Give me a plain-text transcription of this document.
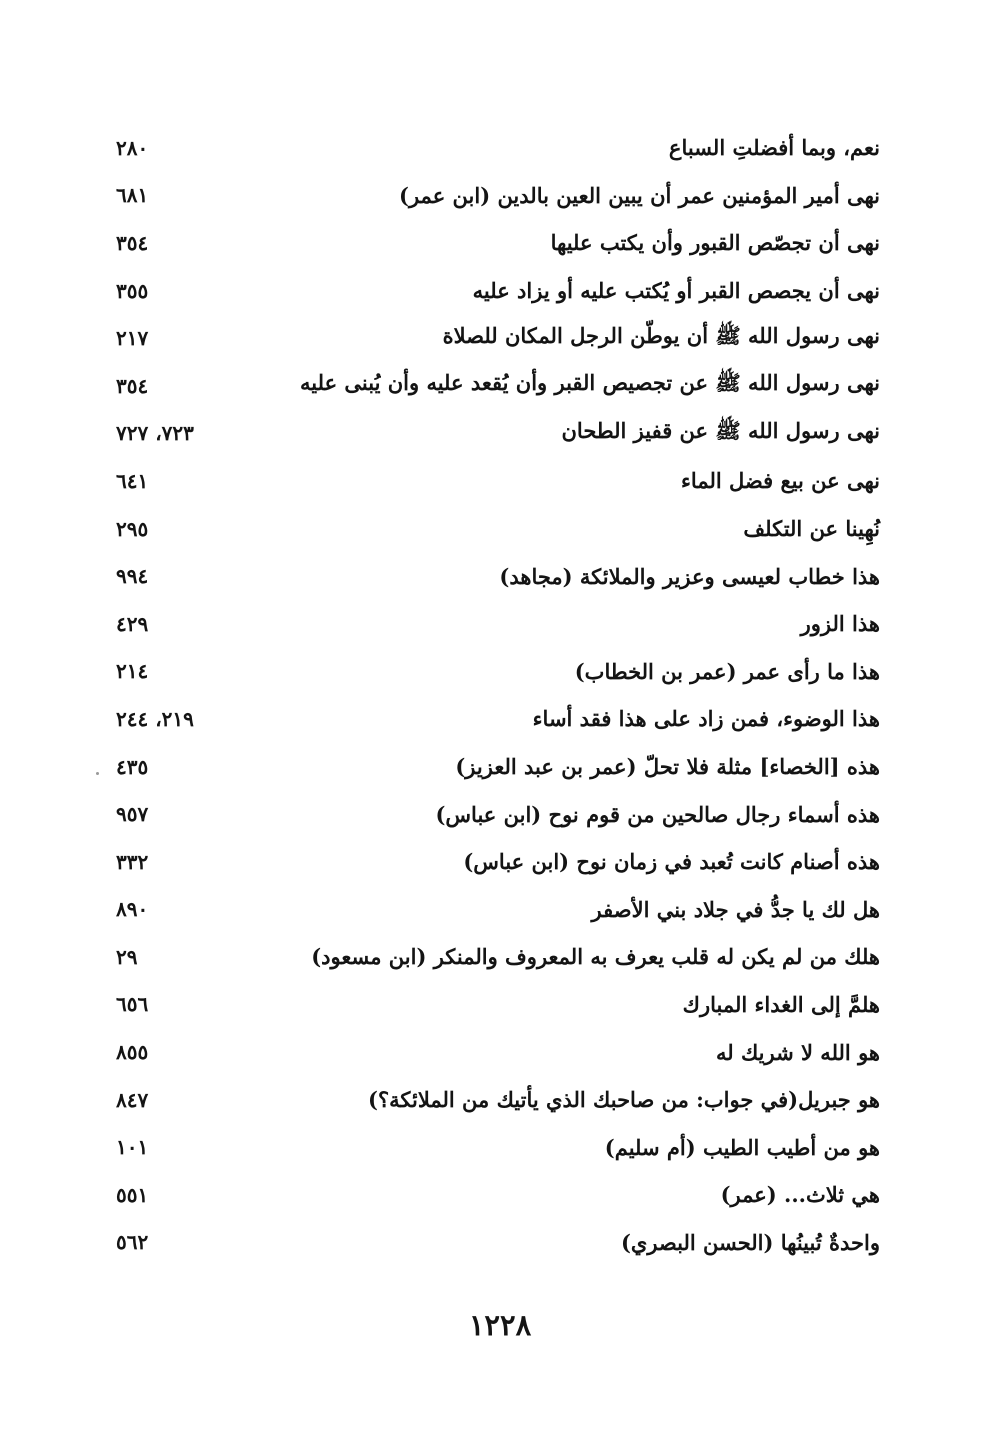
نعم، وبما أفضلتِ السباع
٢٨٠
نهى أمير المؤمنين عمر أن يبين العين بالدين (ابن عمر)
٦٨١
نهى أن تجصّص القبور وأن يكتب عليها
٣٥٤
نهى أن يجصص القبر أو يُكتب عليه أو يزاد عليه
٣٥٥
نهى رسول الله ﷺ أن يوطّن الرجل المكان للصلاة
٢١٧
نهى رسول الله ﷺ عن تجصيص القبر وأن يُقعد عليه وأن يُبنى عليه
٣٥٤
نهى رسول الله ﷺ عن قفيز الطحان
٧٢٣، ٧٢٧
نهى عن بيع فضل الماء
٦٤١
نُهِينا عن التكلف
٢٩٥
هذا خطاب لعيسى وعزير والملائكة (مجاهد)
٩٩٤
هذا الزور
٤٢٩
هذا ما رأى عمر (عمر بن الخطاب)
٢١٤
هذا الوضوء، فمن زاد على هذا فقد أساء
٢١٩، ٢٤٤
هذه [الخصاء] مثلة فلا تحلّ (عمر بن عبد العزيز)
٤٣٥
هذه أسماء رجال صالحين من قوم نوح (ابن عباس)
٩٥٧
هذه أصنام كانت تُعبد في زمان نوح (ابن عباس)
٣٣٢
هل لك يا جدُّ في جلاد بني الأصفر
٨٩٠
هلك من لم يكن له قلب يعرف به المعروف والمنكر (ابن مسعود)
٢٩
هلمَّ إلى الغداء المبارك
٦٥٦
هو الله لا شريك له
٨٥٥
هو جبريل(في جواب: من صاحبك الذي يأتيك من الملائكة؟)
٨٤٧
هو من أطيب الطيب (أم سليم)
١٠١
هي ثلاث... (عمر)
٥٥١
واحدةٌ تُبينُها (الحسن البصري)
٥٦٢
١٢٢٨
